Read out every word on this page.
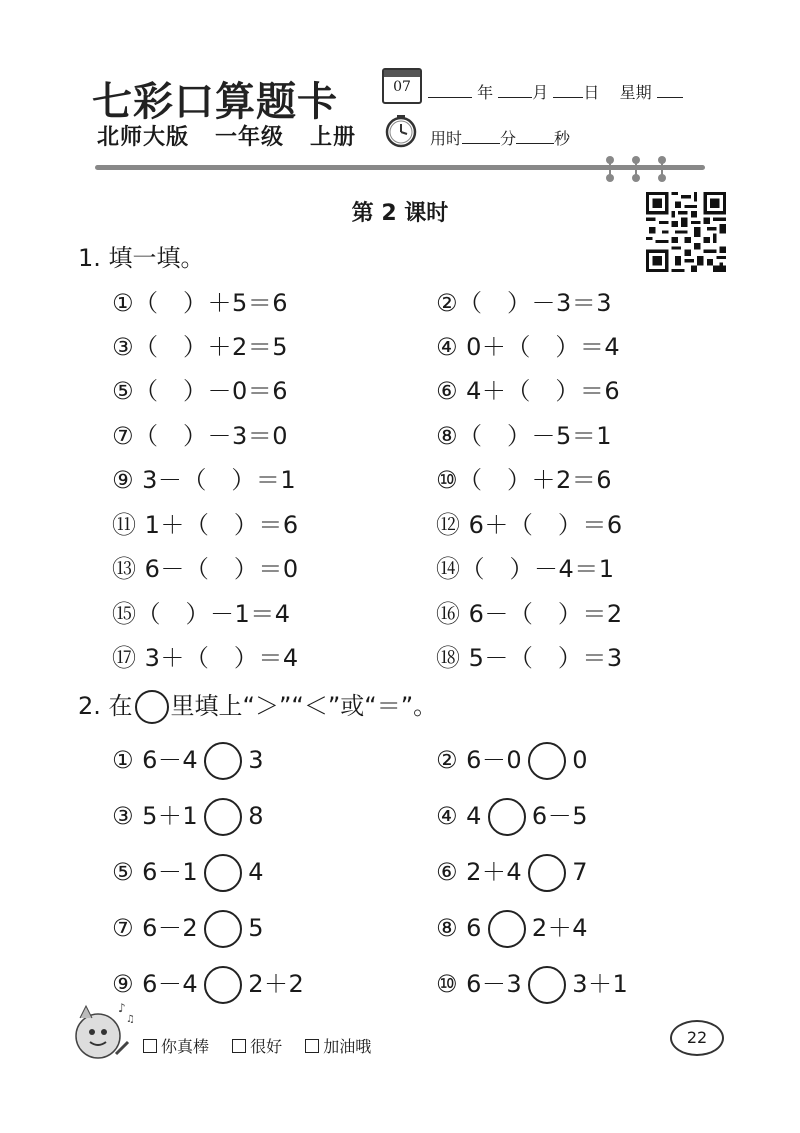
七彩口算题卡	07	年 月 日 星期
北师大版 一年级 上册	用时 分 秒
第 2 课时
1. 填一填。
①（　）＋5＝6	②（　）－3＝3
③（　）＋2＝5	④ 0＋（　）＝4
⑤（　）－0＝6	⑥ 4＋（　）＝6
⑦（　）－3＝0	⑧（　）－5＝1
⑨ 3－（　）＝1	⑩（　）＋2＝6
⑪ 1＋（　）＝6	⑫ 6＋（　）＝6
⑬ 6－（　）＝0	⑭（　）－4＝1
⑮（　）－1＝4	⑯ 6－（　）＝2
⑰ 3＋（　）＝4	⑱ 5－（　）＝3
2. 在 里填上“＞”“＜”或“＝”。
① 6－4 3	② 6－0 0
③ 5＋1 8	④ 4 6－5
⑤ 6－1 4	⑥ 2＋4 7
⑦ 6－2 5	⑧ 6 2＋4
⑨ 6－4 2＋2	⑩ 6－3 3＋1
♪
♫
你真棒	很好	加油哦	22
